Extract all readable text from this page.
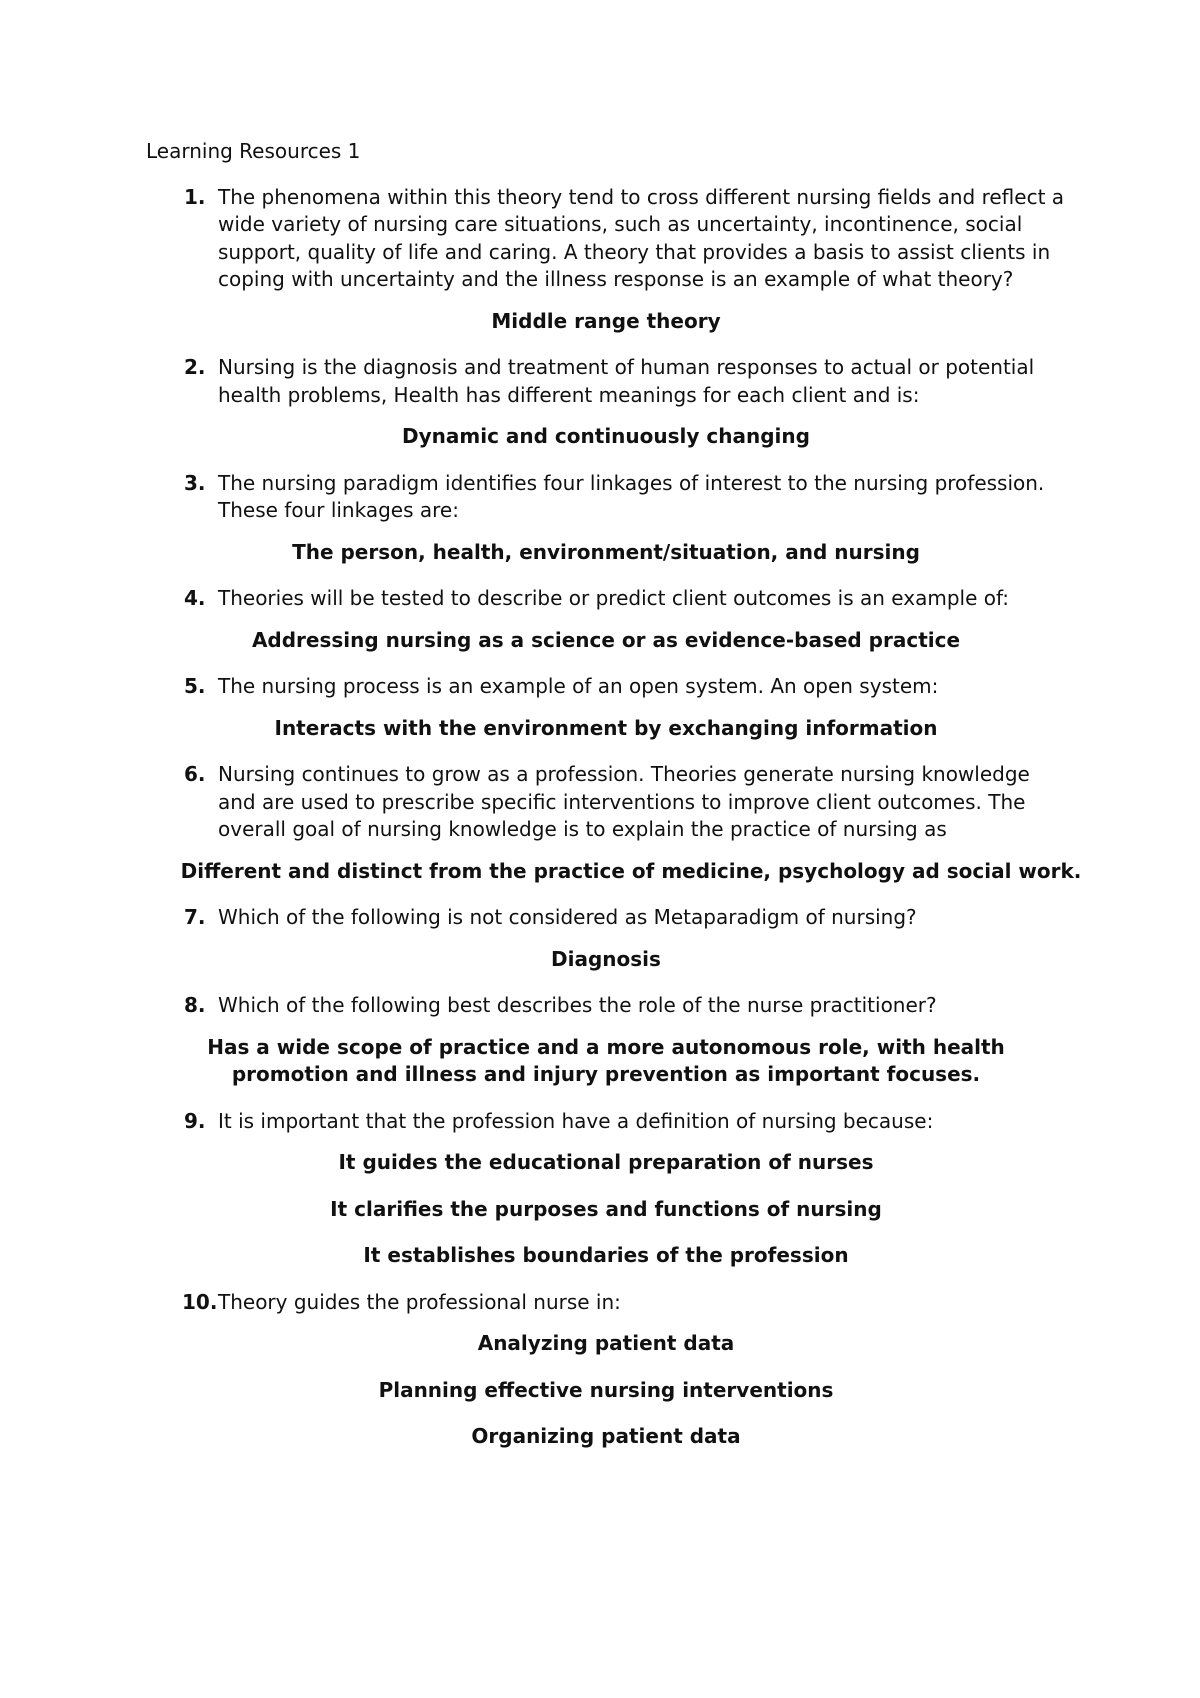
Learning Resources 1
1. The phenomena within this theory tend to cross different nursing fields and reflect a wide variety of nursing care situations, such as uncertainty, incontinence, social support, quality of life and caring. A theory that provides a basis to assist clients in coping with uncertainty and the illness response is an example of what theory?
Middle range theory
2. Nursing is the diagnosis and treatment of human responses to actual or potential health problems, Health has different meanings for each client and is:
Dynamic and continuously changing
3. The nursing paradigm identifies four linkages of interest to the nursing profession. These four linkages are:
The person, health, environment/situation, and nursing
4. Theories will be tested to describe or predict client outcomes is an example of:
Addressing nursing as a science or as evidence-based practice
5. The nursing process is an example of an open system. An open system:
Interacts with the environment by exchanging information
6. Nursing continues to grow as a profession. Theories generate nursing knowledge and are used to prescribe specific interventions to improve client outcomes. The overall goal of nursing knowledge is to explain the practice of nursing as
Different and distinct from the practice of medicine, psychology ad social work.
7. Which of the following is not considered as Metaparadigm of nursing?
Diagnosis
8. Which of the following best describes the role of the nurse practitioner?
Has a wide scope of practice and a more autonomous role, with health promotion and illness and injury prevention as important focuses.
9. It is important that the profession have a definition of nursing because:
It guides the educational preparation of nurses
It clarifies the purposes and functions of nursing
It establishes boundaries of the profession
10. Theory guides the professional nurse in:
Analyzing patient data
Planning effective nursing interventions
Organizing patient data
